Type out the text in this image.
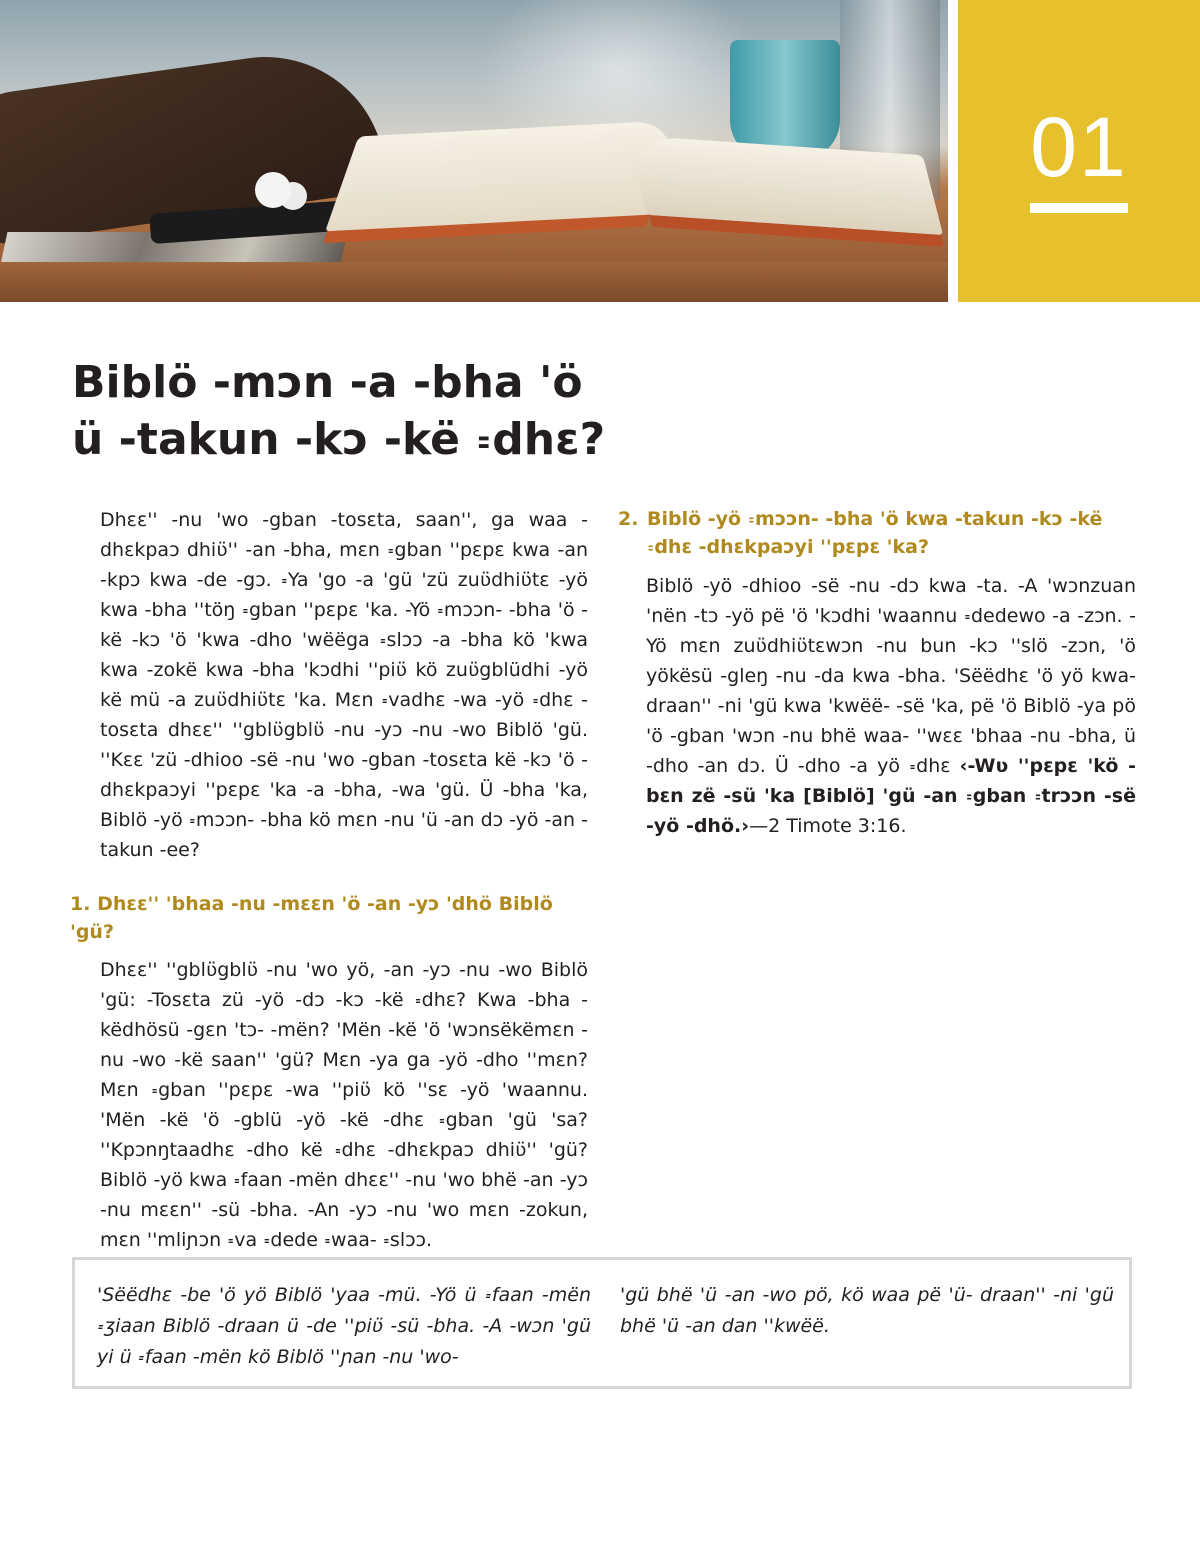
01
Biblö -mɔn -a -bha 'ö
ü -takun -kɔ -kë ꞊dhɛ?

Dhɛɛ'' -nu 'wo -gban -tosɛta, saan'', ga waa -dhɛkpaɔ dhiʋ̈'' -an -bha, mɛn ꞊gban ''pɛpɛ kwa -an -kpɔ kwa -de -gɔ. ꞊Ya 'go -a 'gü 'zü zuʋ̈dhiʋ̈tɛ -yö kwa -bha ''töŋ ꞊gban ''pɛpɛ 'ka. -Yö ꞊mɔɔn- -bha 'ö -kë -kɔ 'ö 'kwa -dho 'wëëga ꞊slɔɔ -a -bha kö 'kwa kwa -zokë kwa -bha 'kɔdhi ''piʋ̈ kö zuʋ̈gblüdhi -yö kë mü -a zuʋ̈dhiʋ̈tɛ 'ka. Mɛn ꞊vadhɛ -wa -yö ꞊dhɛ -tosɛta dhɛɛ'' ''gblʋ̈gblʋ̈ -nu -yɔ -nu -wo Biblö 'gü. ''Kɛɛ 'zü -dhioo -së -nu 'wo -gban -tosɛta kë -kɔ 'ö -dhɛkpaɔyi ''pɛpɛ 'ka -a -bha, -wa 'gü. Ü -bha 'ka, Biblö -yö ꞊mɔɔn- -bha kö mɛn -nu 'ü -an dɔ -yö -an -takun -ee?

1. Dhɛɛ'' 'bhaa -nu -mɛɛn 'ö -an -yɔ 'dhö Biblö 'gü?

Dhɛɛ'' ''gblʋ̈gblʋ̈ -nu 'wo yö, -an -yɔ -nu -wo Biblö 'gü: -Tosɛta zü -yö -dɔ -kɔ -kë ꞊dhɛ? Kwa -bha -këdhösü -gɛn 'tɔ- -mën? 'Mën -kë 'ö 'wɔnsëkëmɛn -nu -wo -kë saan'' 'gü? Mɛn -ya ga -yö -dho ''mɛn? Mɛn ꞊gban ''pɛpɛ -wa ''piʋ̈ kö ''sɛ -yö 'waannu. 'Mën -kë 'ö -gblü -yö -kë -dhɛ ꞊gban 'gü 'sa? ''Kpɔnŋtaadhɛ -dho kë ꞊dhɛ -dhɛkpaɔ dhiʋ̈'' 'gü? Biblö -yö kwa ꞊faan -mën dhɛɛ'' -nu 'wo bhë -an -yɔ -nu mɛɛn'' -sü -bha. -An -yɔ -nu 'wo mɛn -zokun, mɛn ''mliɲɔn ꞊va ꞊dede ꞊waa- ꞊slɔɔ.

2. Biblö -yö ꞊mɔɔn- -bha 'ö kwa -takun -kɔ -kë ꞊dhɛ -dhɛkpaɔyi ''pɛpɛ 'ka?

Biblö -yö -dhioo -së -nu -dɔ kwa -ta. -A 'wɔnzuan 'nën -tɔ -yö pë 'ö 'kɔdhi 'waannu ꞊dedewo -a -zɔn. -Yö mɛn zuʋ̈dhiʋ̈tɛwɔn -nu bun -kɔ ''slö -zɔn, 'ö yökësü -gleŋ -nu -da kwa -bha. 'Sëëdhɛ 'ö yö kwa- draan'' -ni 'gü kwa 'kwëë- -së 'ka, pë 'ö Biblö -ya pö 'ö -gban 'wɔn -nu bhë waa- ''wɛɛ 'bhaa -nu -bha, ü -dho -an dɔ. Ü -dho -a yö ꞊dhɛ ‹-Wʋ ''pɛpɛ 'kö -bɛn zë -sü 'ka [Biblö] 'gü -an ꞊gban ꞊trɔɔn -së -yö -dhö.›—2 Timote 3:16.

'Sëëdhɛ -be 'ö yö Biblö 'yaa -mü. -Yö ü ꞊faan -mën ꞊ʒiaan Biblö -draan ü -de ''piʋ̈ -sü -bha. -A -wɔn 'gü yi ü ꞊faan -mën kö Biblö ''ɲan -nu 'wo-

'gü bhë 'ü -an -wo pö, kö waa pë 'ü- draan'' -ni 'gü bhë 'ü -an dan ''kwëë.
